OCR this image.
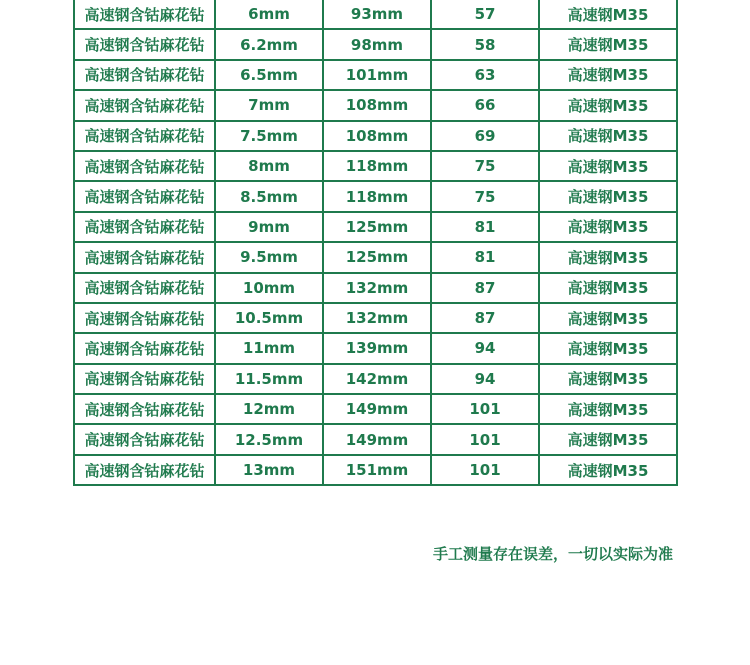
高速钢含钴麻花钻	6mm	93mm	57	高速钢M35
高速钢含钴麻花钻	6.2mm	98mm	58	高速钢M35
高速钢含钴麻花钻	6.5mm	101mm	63	高速钢M35
高速钢含钴麻花钻	7mm	108mm	66	高速钢M35
高速钢含钴麻花钻	7.5mm	108mm	69	高速钢M35
高速钢含钴麻花钻	8mm	118mm	75	高速钢M35
高速钢含钴麻花钻	8.5mm	118mm	75	高速钢M35
高速钢含钴麻花钻	9mm	125mm	81	高速钢M35
高速钢含钴麻花钻	9.5mm	125mm	81	高速钢M35
高速钢含钴麻花钻	10mm	132mm	87	高速钢M35
高速钢含钴麻花钻	10.5mm	132mm	87	高速钢M35
高速钢含钴麻花钻	11mm	139mm	94	高速钢M35
高速钢含钴麻花钻	11.5mm	142mm	94	高速钢M35
高速钢含钴麻花钻	12mm	149mm	101	高速钢M35
高速钢含钴麻花钻	12.5mm	149mm	101	高速钢M35
高速钢含钴麻花钻	13mm	151mm	101	高速钢M35
手工测量存在误差，一切以实际为准
